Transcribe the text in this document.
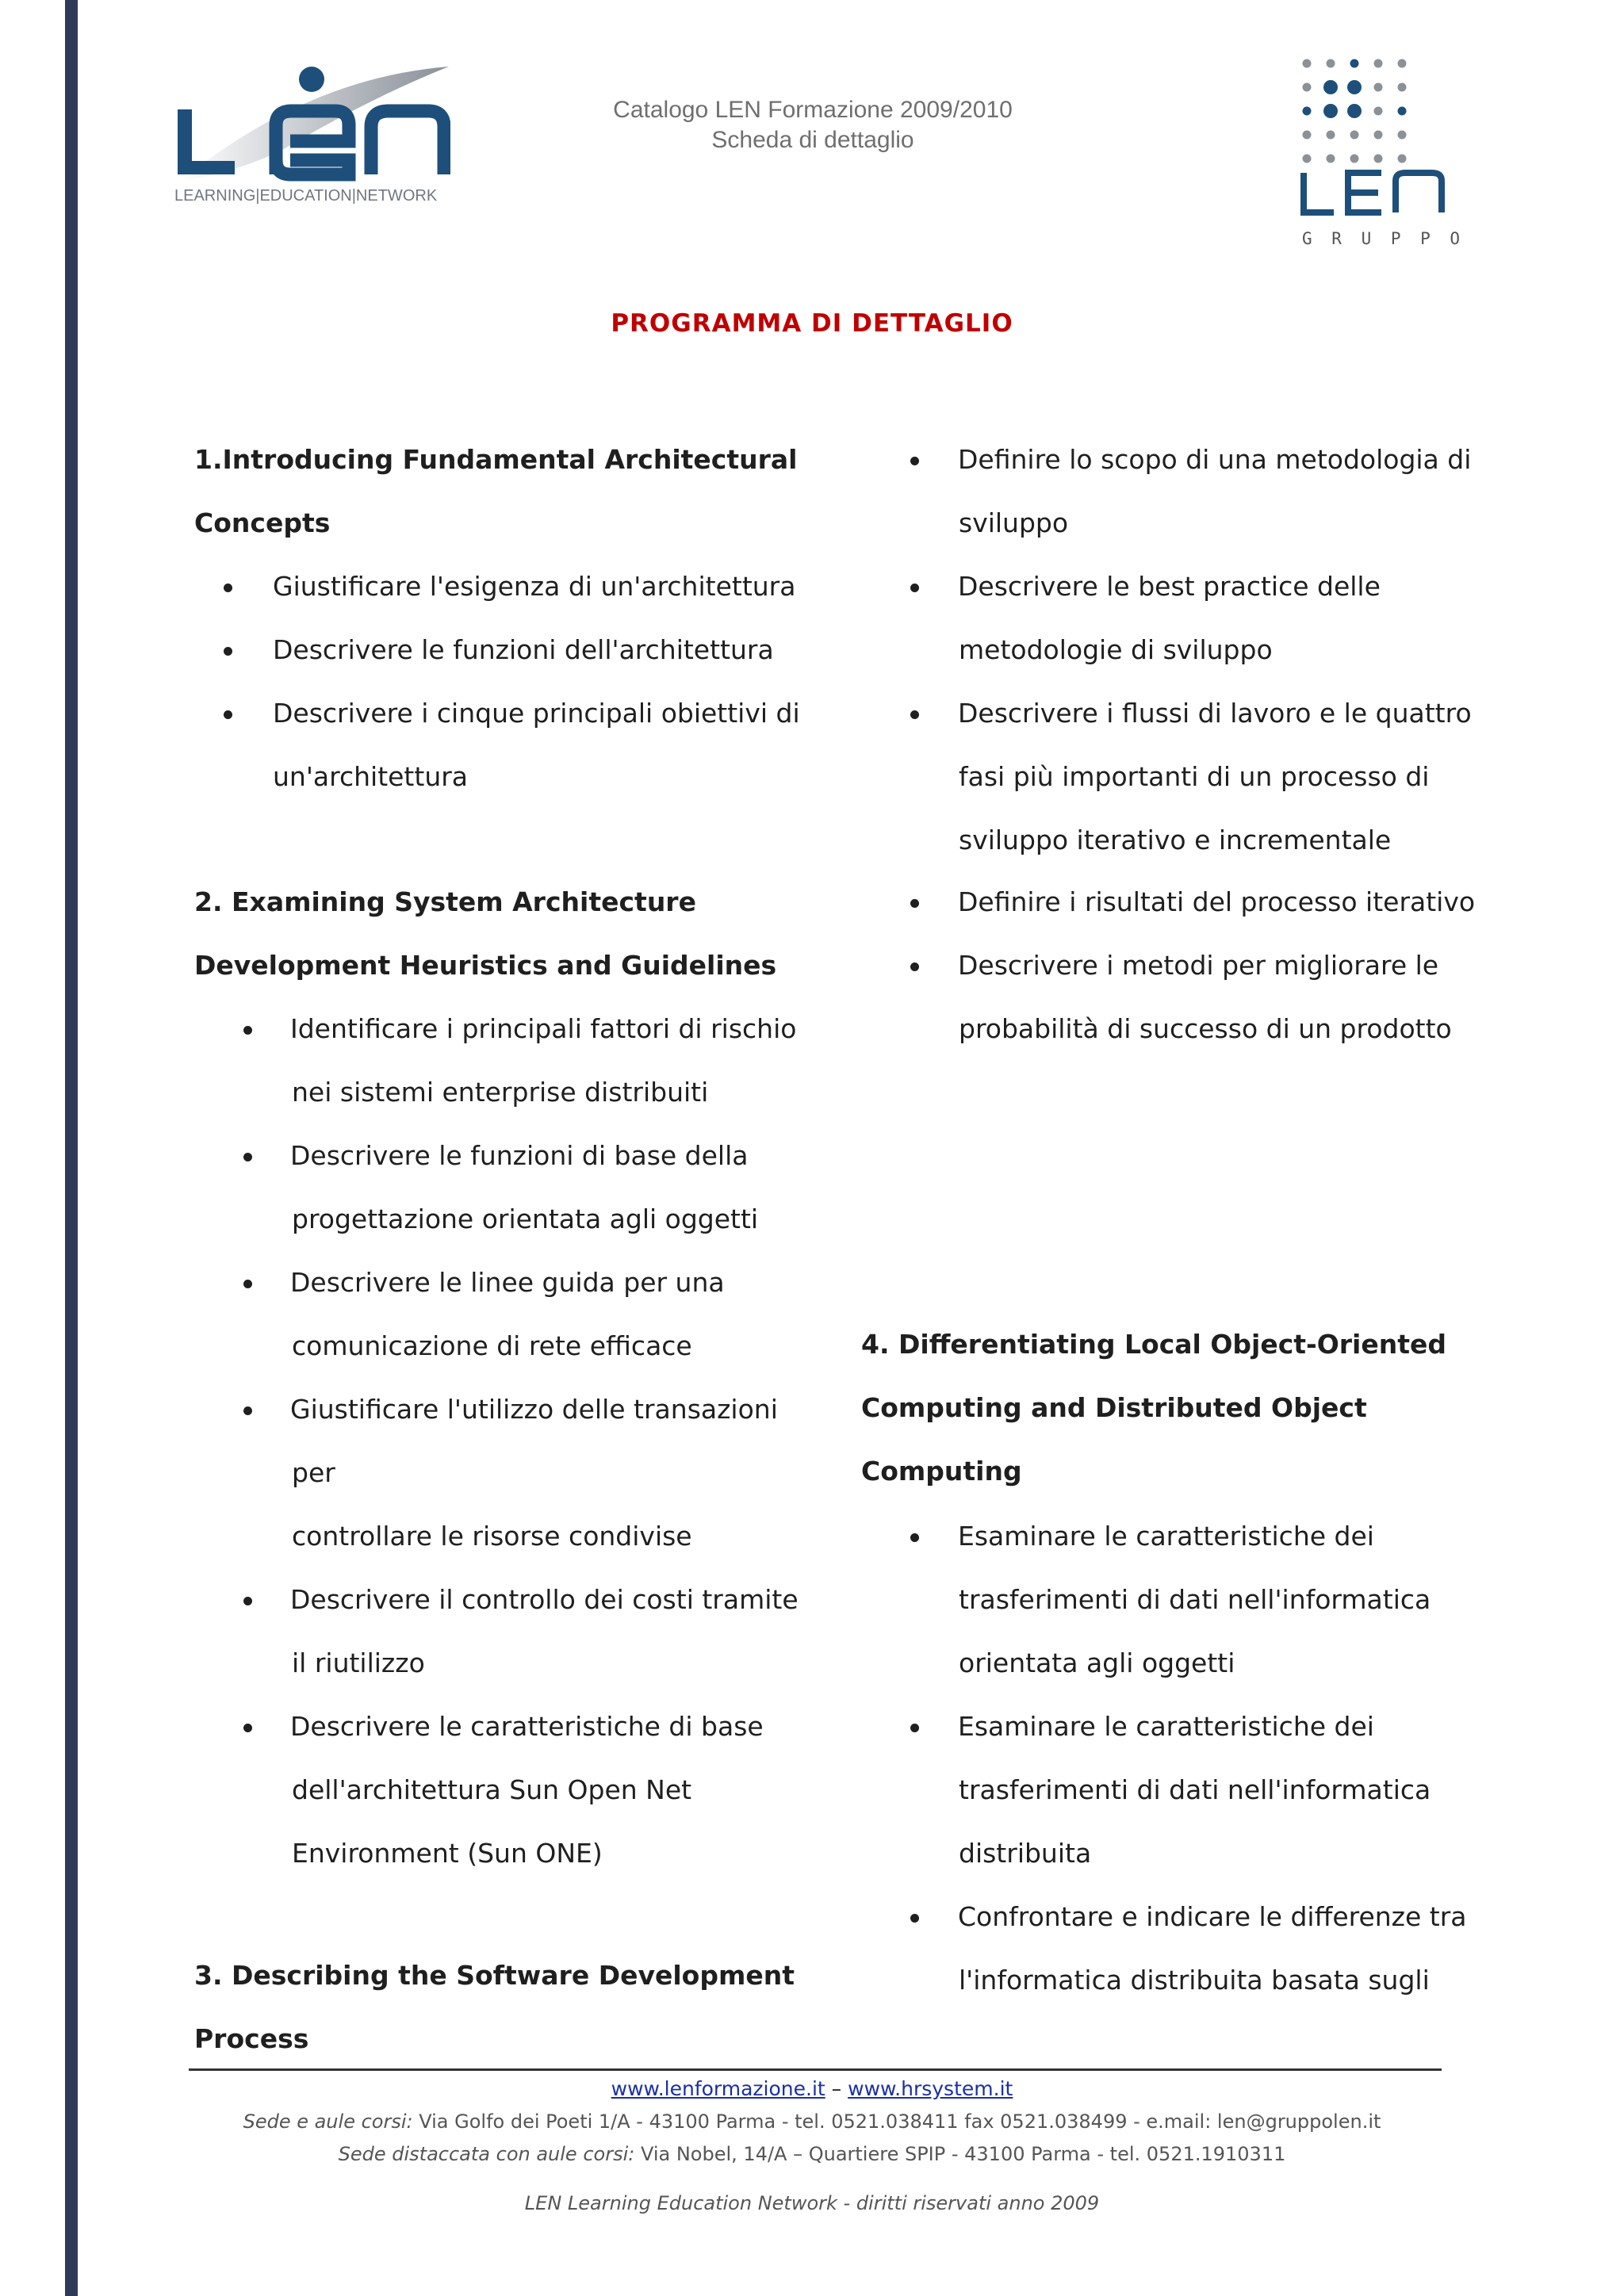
LEARNING|EDUCATION|NETWORK
Catalogo LEN Formazione 2009/2010
Scheda di dettaglio
G R U P P O
PROGRAMMA DI DETTAGLIO
1.Introducing Fundamental Architectural
Concepts
Giustificare l'esigenza di un'architettura
Descrivere le funzioni dell'architettura
Descrivere i cinque principali obiettivi di
un'architettura
2. Examining System Architecture
Development Heuristics and Guidelines
Identificare i principali fattori di rischio
nei sistemi enterprise distribuiti
Descrivere le funzioni di base della
progettazione orientata agli oggetti
Descrivere le linee guida per una
comunicazione di rete efficace
Giustificare l'utilizzo delle transazioni
per
controllare le risorse condivise
Descrivere il controllo dei costi tramite
il riutilizzo
Descrivere le caratteristiche di base
dell'architettura Sun Open Net
Environment (Sun ONE)
3. Describing the Software Development
Process
Definire lo scopo di una metodologia di
sviluppo
Descrivere le best practice delle
metodologie di sviluppo
Descrivere i flussi di lavoro e le quattro
fasi più importanti di un processo di
sviluppo iterativo e incrementale
Definire i risultati del processo iterativo
Descrivere i metodi per migliorare le
probabilità di successo di un prodotto
4. Differentiating Local Object-Oriented
Computing and Distributed Object
Computing
Esaminare le caratteristiche dei
trasferimenti di dati nell'informatica
orientata agli oggetti
Esaminare le caratteristiche dei
trasferimenti di dati nell'informatica
distribuita
Confrontare e indicare le differenze tra
l'informatica distribuita basata sugli
www.lenformazione.it – www.hrsystem.it
Sede e aule corsi: Via Golfo dei Poeti 1/A - 43100 Parma - tel. 0521.038411 fax 0521.038499 - e.mail: len@gruppolen.it
Sede distaccata con aule corsi: Via Nobel, 14/A – Quartiere SPIP - 43100 Parma - tel. 0521.1910311
LEN Learning Education Network - diritti riservati anno 2009
